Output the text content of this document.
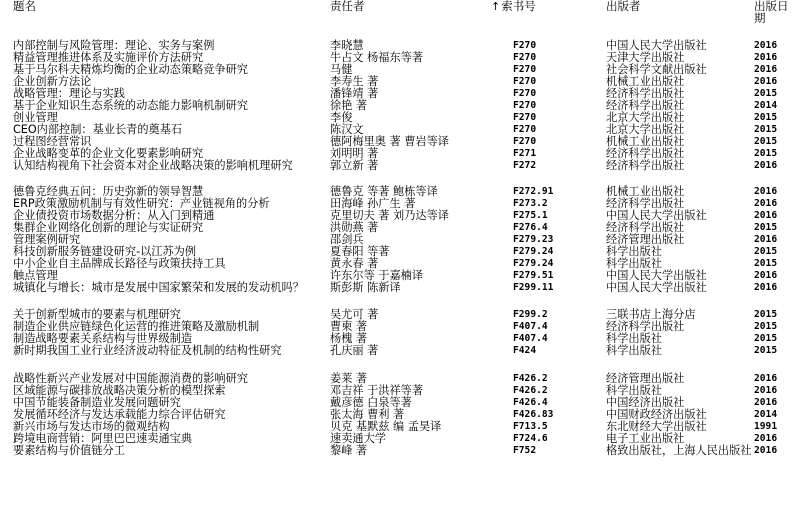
题名	责任者	↑索书号	出版者	出版日期
内部控制与风险管理：理论、实务与案例	李晓慧	F270	中国人民大学出版社	2016
精益管理推进体系及实施评价方法研究	牛占文 杨福东等著	F270	天津大学出版社	2016
基于马尔科夫精炼均衡的企业动态策略竞争研究	马健	F270	社会科学文献出版社	2016
企业创新方法论	李寿生 著	F270	机械工业出版社	2016
战略管理：理论与实践	潘锋靖 著	F270	经济科学出版社	2015
基于企业知识生态系统的动态能力影响机制研究	徐艳 著	F270	经济科学出版社	2014
创业管理	李俊	F270	北京大学出版社	2015
CEO内部控制：基业长青的奠基石	陈汉文	F270	北京大学出版社	2015
过程图经营常识	德阿梅里奥 著 曹岩等译	F270	机械工业出版社	2015
企业战略变革的企业文化要素影响研究	刘明明 著	F271	经济科学出版社	2015
认知结构视角下社会资本对企业战略决策的影响机理研究	郭立新 著	F272	经济科学出版社	2016
德鲁克经典五问：历史弥新的领导智慧	德鲁克 等著 鲍栋等译	F272.91	机械工业出版社	2016
ERP政策激励机制与有效性研究：产业链视角的分析	田海峰 孙广生 著	F273.2	经济科学出版社	2016
企业债投资市场数据分析：从入门到精通	克里切夫 著 刘乃达等译	F275.1	中国人民大学出版社	2016
集群企业网络化创新的理论与实证研究	洪勋燕 著	F276.4	经济科学出版社	2015
管理案例研究	邵剑兵	F279.23	经济管理出版社	2016
科技创新服务链建设研究-以江苏为例	夏春阳 等著	F279.24	科学出版社	2015
中小企业自主品牌成长路径与政策扶持工具	黄永春 著	F279.24	科学出版社	2015
触点管理	许东尔等 于嘉楠译	F279.51	中国人民大学出版社	2016
城镇化与增长：城市是发展中国家繁荣和发展的发动机吗？	斯彭斯 陈新译	F299.11	中国人民大学出版社	2016
关于创新型城市的要素与机理研究	吴尤可 著	F299.2	三联书店上海分店	2015
制造企业供应链绿色化运营的推进策略及激励机制	曹柬 著	F407.4	经济科学出版社	2015
制造战略要素关系结构与世界级制造	杨槐 著	F407.4	科学出版社	2015
新时期我国工业行业经济波动特征及机制的结构性研究	孔庆丽 著	F424	科学出版社	2015
战略性新兴产业发展对中国能源消费的影响研究	姜莱 著	F426.2	经济管理出版社	2016
区域能源与碳排放战略决策分析的模型探索	邓吉祥 于洪祥等著	F426.2	科学出版社	2016
中国节能装备制造业发展问题研究	戴彦德 白泉等著	F426.4	中国经济出版社	2016
发展循环经济与发达承载能力综合评估研究	张太海 曹利 著	F426.83	中国财政经济出版社	2014
新兴市场与发达市场的微观结构	贝克 基默兹 编 孟昊译	F713.5	东北财经大学出版社	1991
跨境电商营销：阿里巴巴速卖通宝典	速卖通大学	F724.6	电子工业出版社	2016
要素结构与价值链分工	黎峰 著	F752	格致出版社，上海人民出版社 2016
